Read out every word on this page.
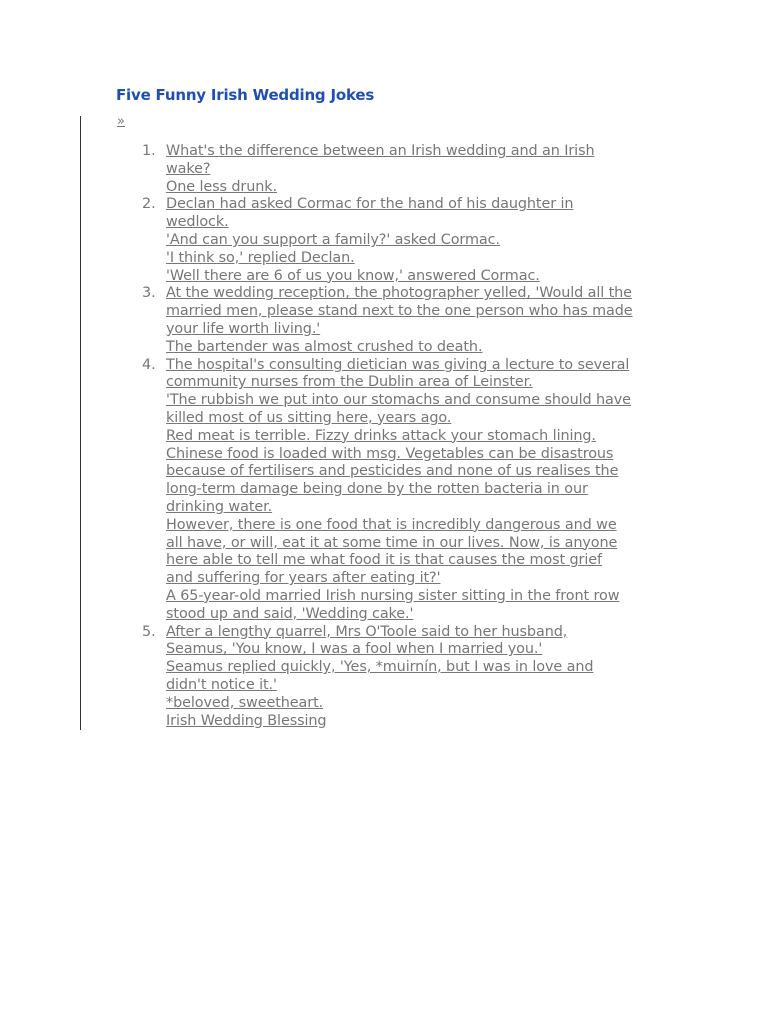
Five Funny Irish Wedding Jokes
»
1. What's the difference between an Irish wedding and an Irish
wake?
One less drunk.
2. Declan had asked Cormac for the hand of his daughter in
wedlock.
'And can you support a family?' asked Cormac.
'I think so,' replied Declan.
'Well there are 6 of us you know,' answered Cormac.
3. At the wedding reception, the photographer yelled, 'Would all the
married men, please stand next to the one person who has made
your life worth living.'
The bartender was almost crushed to death.
4. The hospital's consulting dietician was giving a lecture to several
community nurses from the Dublin area of Leinster.
'The rubbish we put into our stomachs and consume should have
killed most of us sitting here, years ago.
Red meat is terrible. Fizzy drinks attack your stomach lining.
Chinese food is loaded with msg. Vegetables can be disastrous
because of fertilisers and pesticides and none of us realises the
long-term damage being done by the rotten bacteria in our
drinking water.
However, there is one food that is incredibly dangerous and we
all have, or will, eat it at some time in our lives. Now, is anyone
here able to tell me what food it is that causes the most grief
and suffering for years after eating it?'
A 65-year-old married Irish nursing sister sitting in the front row
stood up and said, 'Wedding cake.'
5. After a lengthy quarrel, Mrs O'Toole said to her husband,
Seamus, 'You know, I was a fool when I married you.'
Seamus replied quickly, 'Yes, *muirnín, but I was in love and
didn't notice it.'
*beloved, sweetheart.
Irish Wedding Blessing
